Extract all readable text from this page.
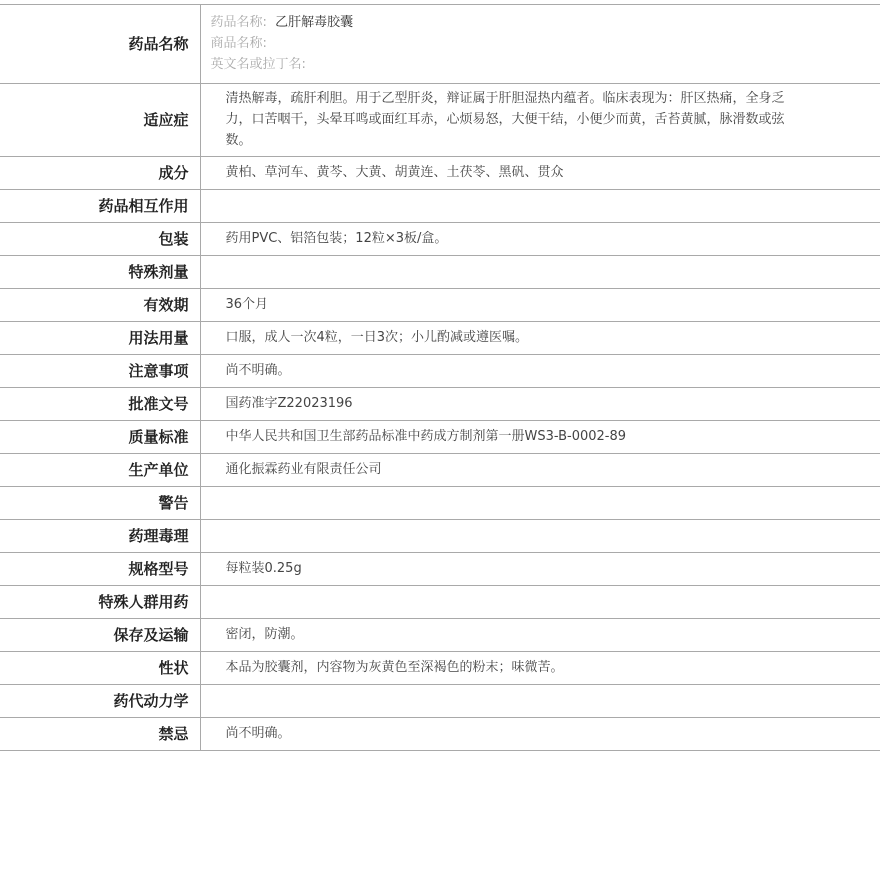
药品名称	药品名称: 乙肝解毒胶囊
商品名称:
英文名或拉丁名:

适应症	清热解毒，疏肝利胆。用于乙型肝炎，辩证属于肝胆湿热内蕴者。临床表现为：肝区热痛，全身乏力，口苦咽干，头晕耳鸣或面红耳赤，心烦易怒，大便干结，小便少而黄，舌苔黄腻，脉滑数或弦数。
成分	黄柏、草河车、黄芩、大黄、胡黄连、土茯苓、黑矾、贯众
药品相互作用	
包装	药用PVC、铝箔包装；12粒×3板/盒。
特殊剂量	
有效期	36个月
用法用量	口服，成人一次4粒，一日3次；小儿酌减或遵医嘱。
注意事项	尚不明确。
批准文号	国药准字Z22023196
质量标准	中华人民共和国卫生部药品标准中药成方制剂第一册WS3-B-0002-89
生产单位	通化振霖药业有限责任公司
警告	
药理毒理	
规格型号	每粒装0.25g
特殊人群用药	
保存及运输	密闭，防潮。
性状	本品为胶囊剂，内容物为灰黄色至深褐色的粉末；味微苦。
药代动力学	
禁忌	尚不明确。
